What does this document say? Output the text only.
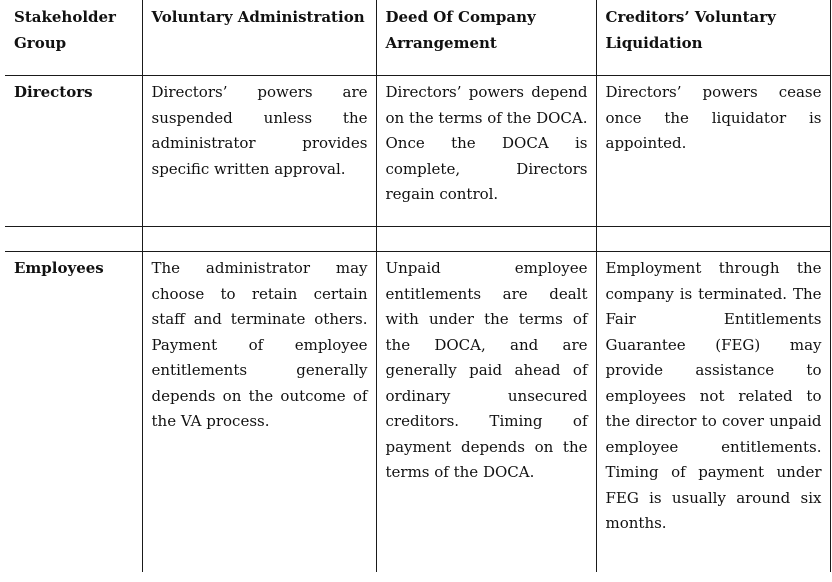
Stakeholder Group	Voluntary Administration	Deed Of Company Arrangement	Creditors’ Voluntary Liquidation
Directors	Directors’ powers are suspended unless the administrator provides specific written approval.	Directors’ powers depend on the terms of the DOCA. Once the DOCA is complete, Directors regain control.	Directors’ powers cease once the liquidator is appointed.

Employees	The administrator may choose to retain certain staff and terminate others. Payment of employee entitlements generally depends on the outcome of the VA process.	Unpaid employee entitlements are dealt with under the terms of the DOCA, and are generally paid ahead of ordinary unsecured creditors. Timing of payment depends on the terms of the DOCA.	Employment through the company is terminated. The Fair Entitlements Guarantee (FEG) may provide assistance to employees not related to the director to cover unpaid employee entitlements. Timing of payment under FEG is usually around six months.
